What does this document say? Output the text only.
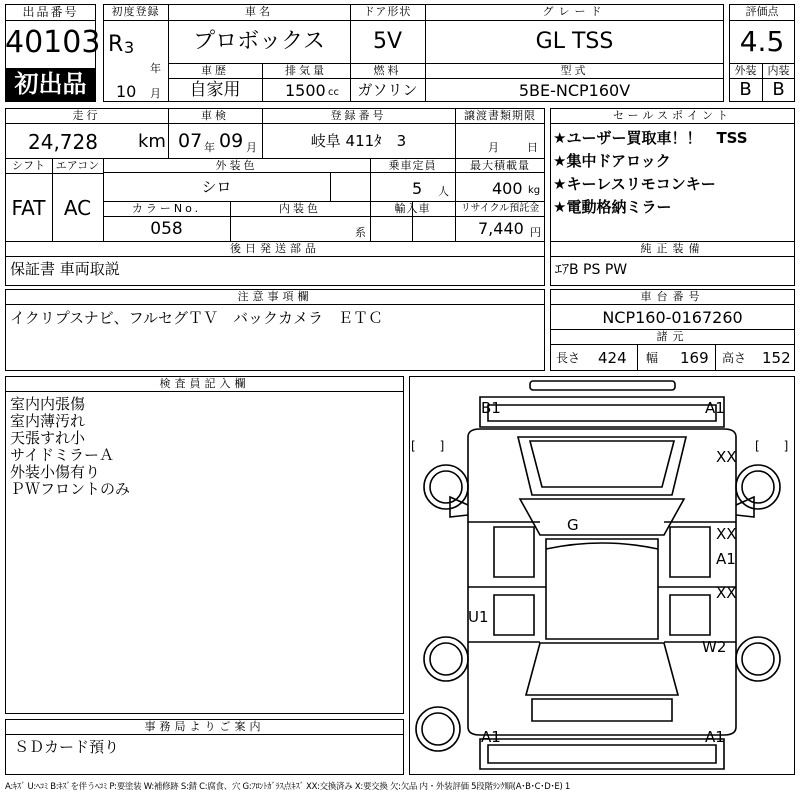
出品番号
40103
初出品
初度登録
R 3
年
10 月
車名
プロボックス
ドア形状
5V
グレード
GL TSS
車歴
自家用
排気量
1500 cc
燃料
ガソリン
型式
5BE-NCP160V
評価点
4.5
外装	内装
B	B
走行
24,728 km
車検
07 年 09 月
登録番号
岐阜 411ﾀ　3
譲渡書類期限
月	日
シフト
FAT
エアコン
AC
外装色
シロ
乗車定員
5 人
最大積載量
400 kg
カラーNo.
058
内装色
系
輸入車	リサイクル預託金
7,440 円
後日発送部品
保証書 車両取説
セールスポイント
★ユーザー買取車！！　TSS
★集中ドアロック
★キーレスリモコンキー
★電動格納ミラー
純正装備
ｴｱB PS PW
注意事項欄
イクリプスナビ、フルセグＴＶ　バックカメラ　ＥＴＣ
車台番号
NCP160-0167260
諸元
長さ 424 幅 169 高さ 152
検査員記入欄
室内内張傷
室内薄汚れ
天張すれ小
サイドミラーＡ
外装小傷有り
ＰＷフロントのみ
事務局よりご案内
ＳＤカード預り
B1	A1
XX
G	XX
A1
XX
U1
W2
A1	A1
[　　]	[　　]
A:ｷｽﾞ U:ﾍｺﾐ B:ｷｽﾞを伴うﾍｺﾐ P:要塗装 W:補修跡 S:錆 C:腐食、穴 G:ﾌﾛﾝﾄｶﾞﾗｽ点ｷｽﾞ XX:交換済み X:要交換 欠:欠品 内・外装評価 5段階ﾗﾝｸ順(A･B･C･D･E) 1
